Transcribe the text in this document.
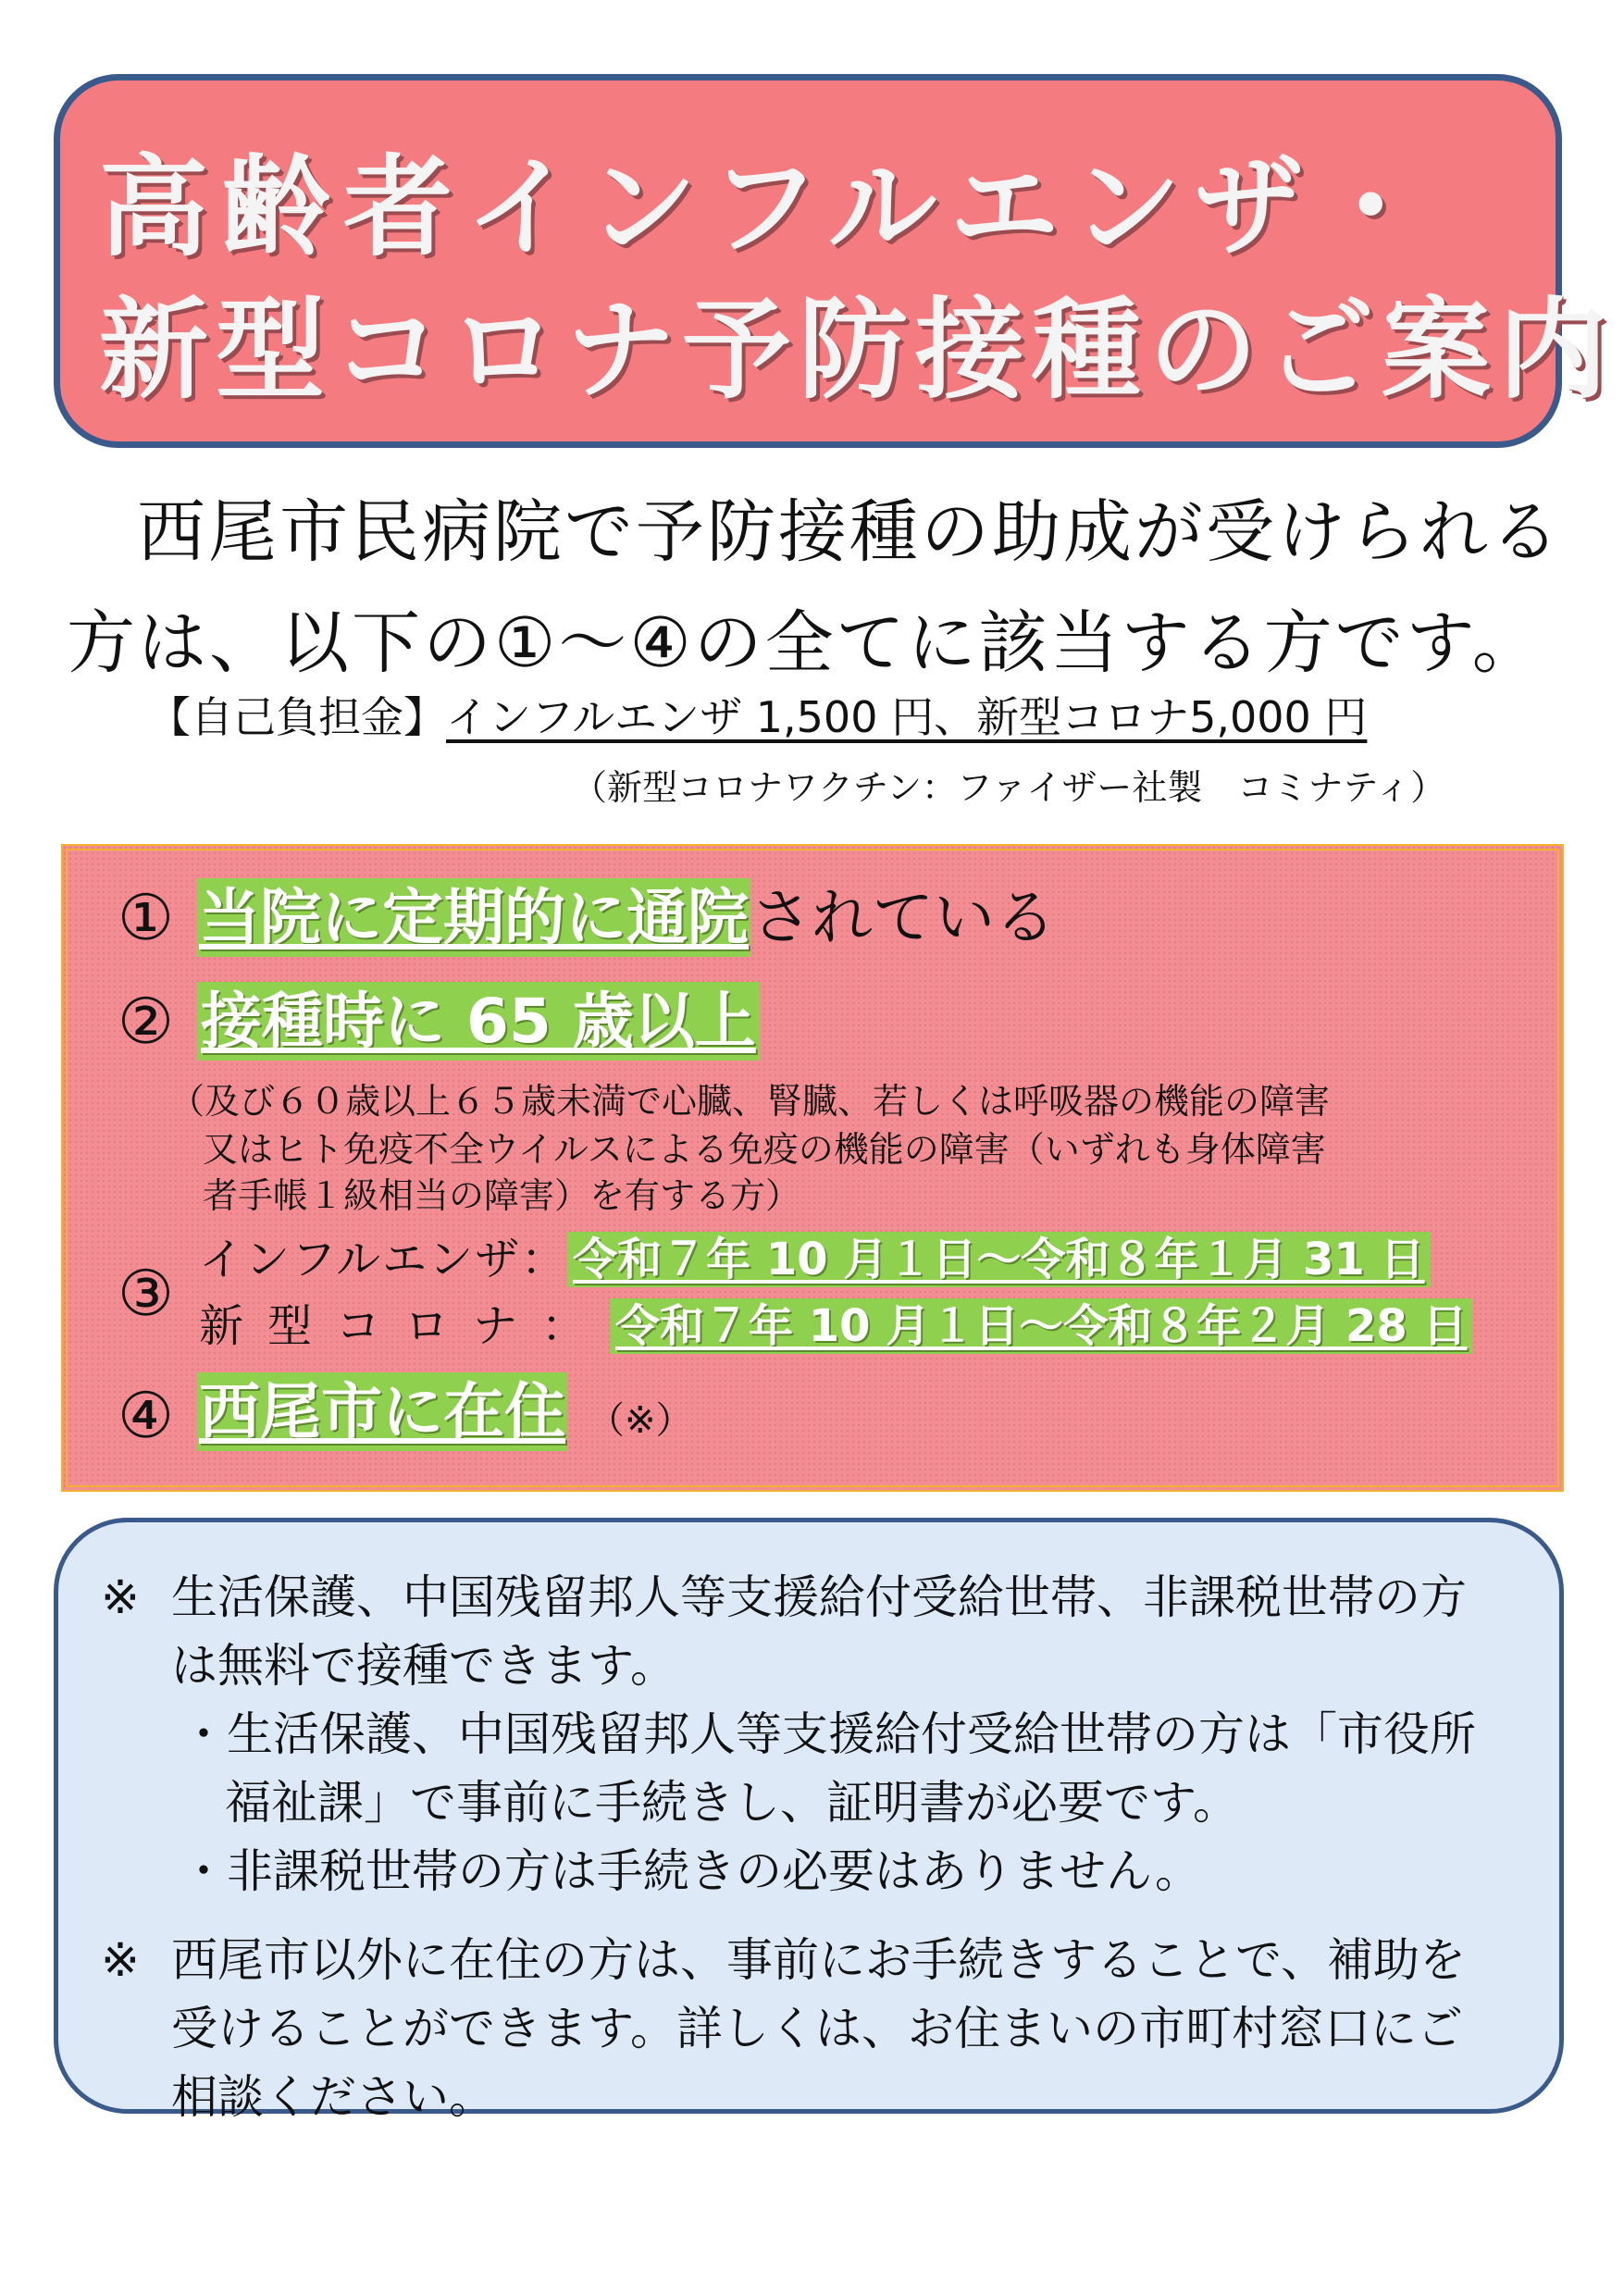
高齢者インフルエンザ・
新型コロナ予防接種のご案内
西尾市民病院で予防接種の助成が受けられる
方は、以下の①～④の全てに該当する方です。
【自己負担金】インフルエンザ 1,500 円、新型コロナ5,000 円
（新型コロナワクチン：ファイザー社製　コミナティ）
① 当院に定期的に通院されている
② 接種時に 65 歳以上
（及び６０歳以上６５歳未満で心臓、腎臓、若しくは呼吸器の機能の障害
又はヒト免疫不全ウイルスによる免疫の機能の障害（いずれも身体障害
者手帳１級相当の障害）を有する方）
③ インフルエンザ： 令和７年 10 月１日～令和８年１月 31 日
新型コロナ： 令和７年 10 月１日～令和８年２月 28 日
④ 西尾市に在住 （※）
※ 生活保護、中国残留邦人等支援給付受給世帯、非課税世帯の方
は無料で接種できます。
・生活保護、中国残留邦人等支援給付受給世帯の方は「市役所
福祉課」で事前に手続きし、証明書が必要です。
・非課税世帯の方は手続きの必要はありません。
※ 西尾市以外に在住の方は、事前にお手続きすることで、補助を
受けることができます。詳しくは、お住まいの市町村窓口にご
相談ください。
